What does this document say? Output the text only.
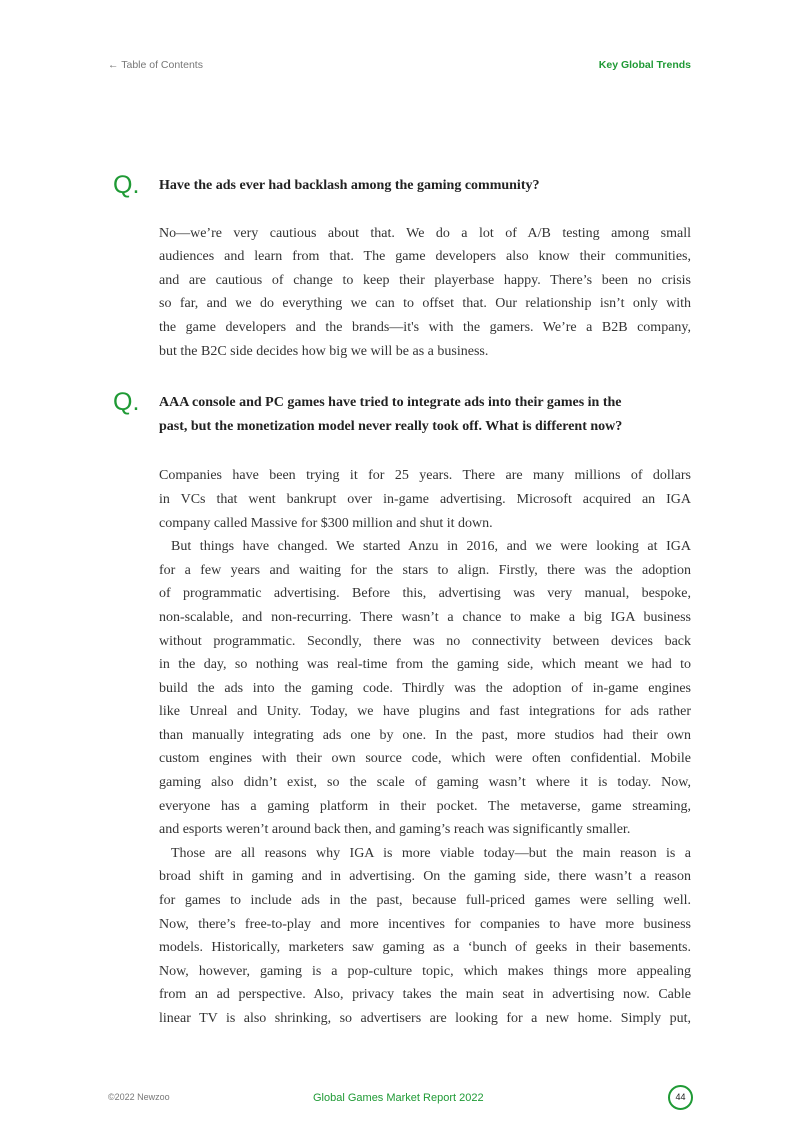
← Table of Contents	Key Global Trends
Q. Have the ads ever had backlash among the gaming community?
No—we’re very cautious about that. We do a lot of A/B testing among small
audiences and learn from that. The game developers also know their communities,
and are cautious of change to keep their playerbase happy. There’s been no crisis
so far, and we do everything we can to offset that. Our relationship isn’t only with
the game developers and the brands—it's with the gamers. We’re a B2B company,
but the B2C side decides how big we will be as a business.
Q. AAA console and PC games have tried to integrate ads into their games in the
past, but the monetization model never really took off. What is different now?
Companies have been trying it for 25 years. There are many millions of dollars
in VCs that went bankrupt over in-game advertising. Microsoft acquired an IGA
company called Massive for $300 million and shut it down.
But things have changed. We started Anzu in 2016, and we were looking at IGA
for a few years and waiting for the stars to align. Firstly, there was the adoption
of programmatic advertising. Before this, advertising was very manual, bespoke,
non-scalable, and non-recurring. There wasn’t a chance to make a big IGA business
without programmatic. Secondly, there was no connectivity between devices back
in the day, so nothing was real-time from the gaming side, which meant we had to
build the ads into the gaming code. Thirdly was the adoption of in-game engines
like Unreal and Unity. Today, we have plugins and fast integrations for ads rather
than manually integrating ads one by one. In the past, more studios had their own
custom engines with their own source code, which were often confidential. Mobile
gaming also didn’t exist, so the scale of gaming wasn’t where it is today. Now,
everyone has a gaming platform in their pocket. The metaverse, game streaming,
and esports weren’t around back then, and gaming’s reach was significantly smaller.
Those are all reasons why IGA is more viable today—but the main reason is a
broad shift in gaming and in advertising. On the gaming side, there wasn’t a reason
for games to include ads in the past, because full-priced games were selling well.
Now, there’s free-to-play and more incentives for companies to have more business
models. Historically, marketers saw gaming as a ‘bunch of geeks in their basements.
Now, however, gaming is a pop-culture topic, which makes things more appealing
from an ad perspective. Also, privacy takes the main seat in advertising now. Cable
linear TV is also shrinking, so advertisers are looking for a new home. Simply put,
©2022 Newzoo	Global Games Market Report 2022	44
